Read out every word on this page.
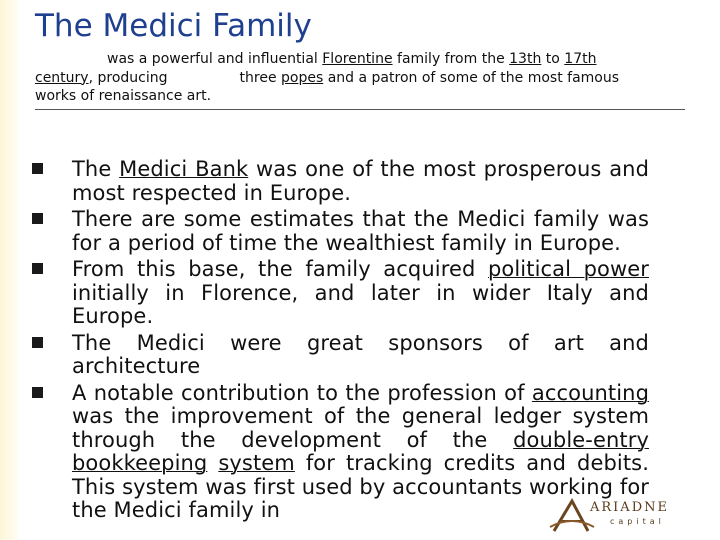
The Medici Family
was a powerful and influential Florentine family from the 13th to 17th
century, producing	three popes and a patron of some of the most famous
works of renaissance art.
The Medici Bank was one of the most prosperous and most respected in Europe.
There are some estimates that the Medici family was for a period of time the wealthiest family in Europe.
From this base, the family acquired political power initially in Florence, and later in wider Italy and Europe.
The Medici were great sponsors of art and architecture
A notable contribution to the profession of accounting was the improvement of the general ledger system through the development of the double-entry bookkeeping system for tracking credits and debits. This system was first used by accountants working for the Medici family in	ARIADNE
capital
